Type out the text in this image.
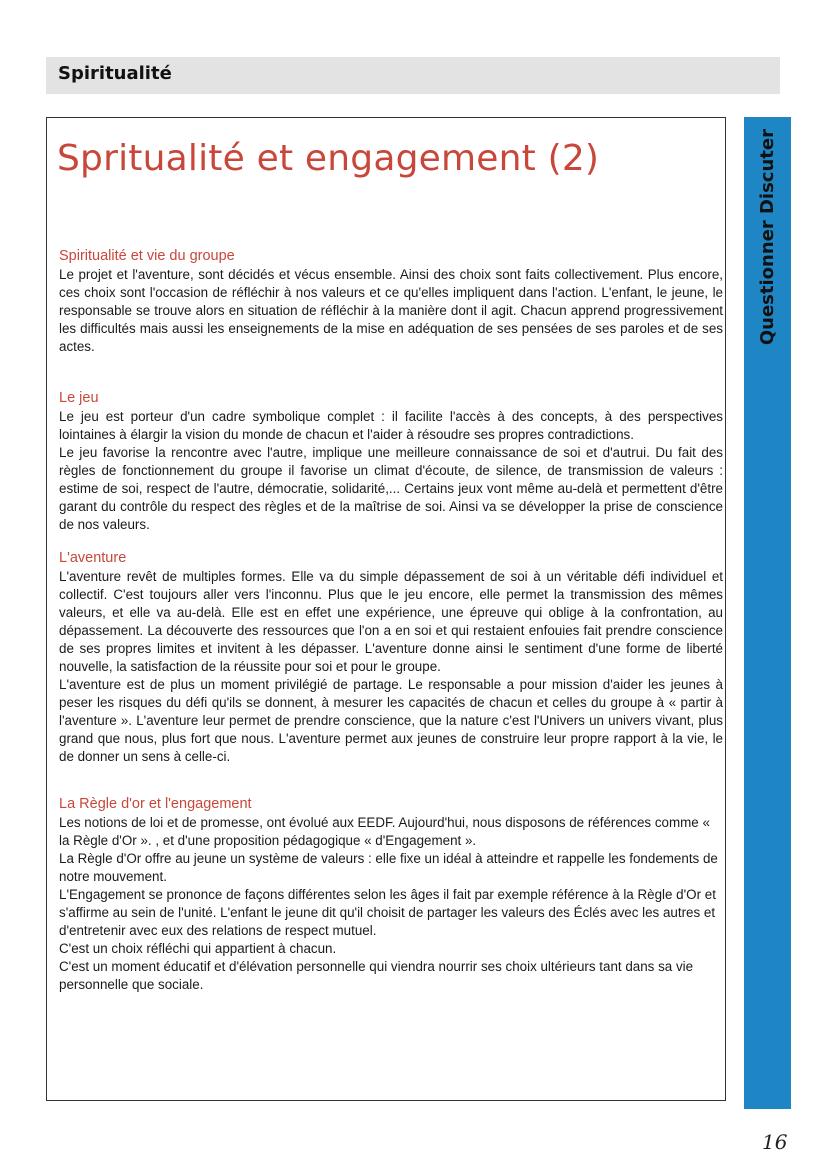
Spiritualité
Spritualité et engagement (2)
Spiritualité et vie du groupe

Le projet et l'aventure, sont décidés et vécus ensemble. Ainsi des choix sont faits collectivement. Plus encore, ces choix sont l'occasion de réfléchir à nos valeurs et ce qu'elles impliquent dans l'action. L'enfant, le jeune, le responsable se trouve alors en situation de réfléchir à la manière dont il agit. Chacun apprend progressivement les difficultés mais aussi les enseignements de la mise en adéquation de ses pensées de ses paroles et de ses actes.

Le jeu

Le jeu est porteur d'un cadre symbolique complet : il facilite l'accès à des concepts, à des perspectives lointaines à élargir la vision du monde de chacun et l'aider à résoudre ses propres contradictions.

Le jeu favorise la rencontre avec l'autre, implique une meilleure connaissance de soi et d'autrui. Du fait des règles de fonctionnement du groupe il favorise un climat d'écoute, de silence, de transmission de valeurs : estime de soi, respect de l'autre, démocratie, solidarité,... Certains jeux vont même au-delà et permettent d'être garant du contrôle du respect des règles et de la maîtrise de soi. Ainsi va se développer la prise de conscience de nos valeurs.

L'aventure

L'aventure revêt de multiples formes. Elle va du simple dépassement de soi à un véritable défi individuel et collectif. C'est toujours aller vers l'inconnu. Plus que le jeu encore, elle permet la transmission des mêmes valeurs, et elle va au-delà. Elle est en effet une expérience, une épreuve qui oblige à la confrontation, au dépassement. La découverte des ressources que l'on a en soi et qui restaient enfouies fait prendre conscience de ses propres limites et invitent à les dépasser. L'aventure donne ainsi le sentiment d'une forme de liberté nouvelle, la satisfaction de la réussite pour soi et pour le groupe.

L'aventure est de plus un moment privilégié de partage. Le responsable a pour mission d'aider les jeunes à peser les risques du défi qu'ils se donnent, à mesurer les capacités de chacun et celles du groupe à « partir à l'aventure ». L'aventure leur permet de prendre conscience, que la nature c'est l'Univers un univers vivant, plus grand que nous, plus fort que nous. L'aventure permet aux jeunes de construire leur propre rapport à la vie, le de donner un sens à celle-ci.

La Règle d'or et l'engagement

Les notions de loi et de promesse, ont évolué aux EEDF. Aujourd'hui, nous disposons de références comme « la Règle d'Or ». , et d'une proposition pédagogique « d'Engagement ».

La Règle d'Or offre au jeune un système de valeurs : elle fixe un idéal à atteindre et rappelle les fondements de notre mouvement.

L'Engagement se prononce de façons différentes selon les âges il fait par exemple référence à la Règle d'Or et s'affirme au sein de l'unité. L'enfant le jeune dit qu'il choisit de partager les valeurs des Éclés avec les autres et d'entretenir avec eux des relations de respect mutuel.

C'est un choix réfléchi qui appartient à chacun.

C'est un moment éducatif et d'élévation personnelle qui viendra nourrir ses choix ultérieurs tant dans sa vie personnelle que sociale.

Questionner Discuter
16
